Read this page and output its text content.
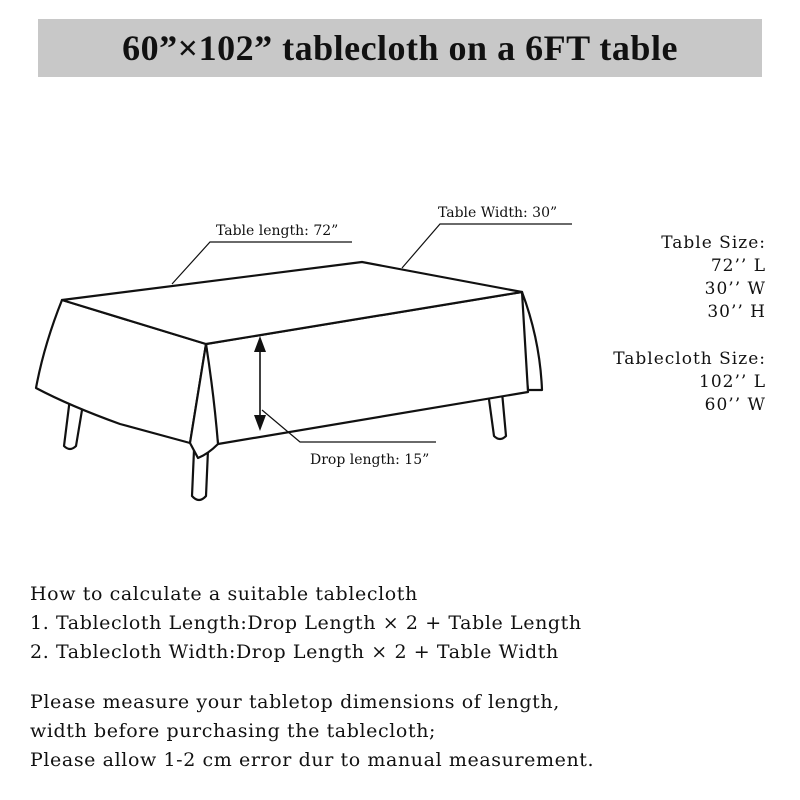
60”×102” tablecloth on a 6FT table
Table length: 72”
Table Width: 30”
Drop length: 15”
Table Size:
72’’ L
30’’ W
30’’ H
Tablecloth Size:
102’’ L
60’’ W
How to calculate a suitable tablecloth
1. Tablecloth Length:Drop Length × 2 + Table Length
2. Tablecloth Width:Drop Length × 2 + Table Width
Please measure your tabletop dimensions of length,
width before purchasing the tablecloth;
Please allow 1-2 cm error dur to manual measurement.
